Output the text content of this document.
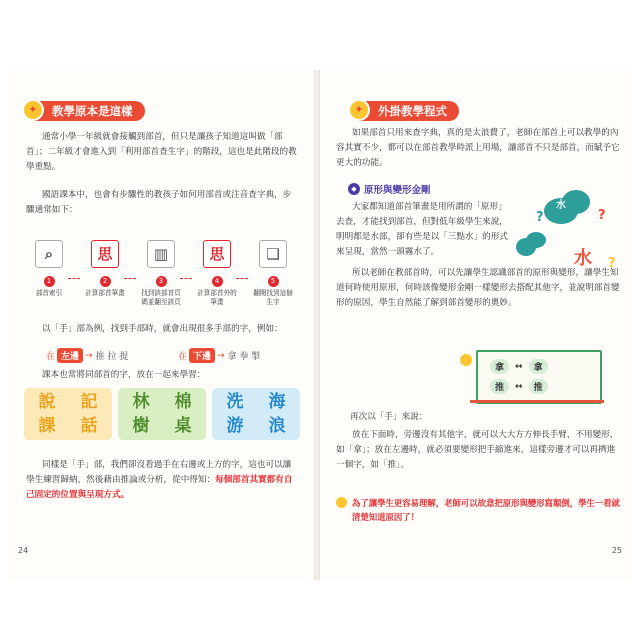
✦	教學原本是這樣
通常小學一年級就會接觸到部首，但只是讓孩子知道這叫做「部首」；二年級才會進入到「利用部首查生字」的階段，這也是此階段的教學重點。
國語課本中，也會有步驟性的教孩子如何用部首或注音查字典，步驟通常如下：
⌕
1
部首索引
思
2
計算部首筆畫
▥
3
找到該部首頁碼並翻至該頁
思
4
計算部首外的筆畫
❏
5
翻閱找到這個生字
以「手」部為例，找到手部時，就會出現很多手部的字，例如：
在 左邊 → 推 拉 提	在 下邊 → 拿 拳 掣
課本也常將同部首的字，放在一起來學習：
說 記
課 話
林 棉
樹 桌
洗 海
游 浪
同樣是「手」部，我們卻沒看過手在右邊或上方的字，這也可以讓學生練習歸納，然後藉由推論或分析，從中得知：每個部首其實都有自己固定的位置與呈現方式。
24
✦	外掛教學程式
如果部首只用來查字典，真的是太浪費了，老師在部首上可以教學的內容其實不少，都可以在部首教學時派上用場，讓部首不只是部首，而賦予它更大的功能。
◆ 原形與變形金剛
大家都知道部首筆畫是用所謂的「原形」去查，才能找到部首，但對低年級學生來說，明明都是水部，卻有些是以「三點水」的形式來呈現，當然一頭霧水了。
?
?
?
水
水
所以老師在教部首時，可以先讓學生認識部首的原形與變形，讓學生知道何時使用原形，何時該像變形金剛一樣變形去搭配其他字，並說明部首變形的原因，學生自然能了解到部首變形的奧妙。
拿	↔	拿
推	↔	推
再次以「手」來說：
放在下面時，旁邊沒有其他字，就可以大大方方伸長手臂，不用變形，如「拿」；放在左邊時，就必須要變形把手縮進來，這樣旁邊才可以再擠進一個字，如「推」。
為了讓學生更容易理解，老師可以故意把原形與變形寫顛倒，學生一看就清楚知道原因了！
25
